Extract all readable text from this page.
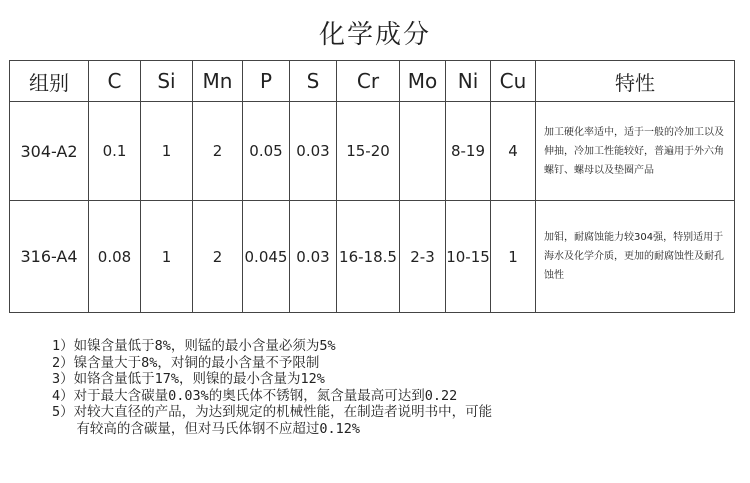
化学成分
组别	C	Si	Mn	P	S	Cr	Mo	Ni	Cu	特性
304-A2	0.1	1	2	0.05	0.03	15-20		8-19	4	加工硬化率适中，适于一般的冷加工以及伸抽，冷加工性能较好，普遍用于外六角螺钉、螺母以及垫圈产品
316-A4	0.08	1	2	0.045	0.03	16-18.5	2-3	10-15	1	加钼，耐腐蚀能力较304强，特别适用于海水及化学介质，更加的耐腐蚀性及耐孔蚀性
1）如镍含量低于8%，则锰的最小含量必须为5%
2）镍含量大于8%，对铜的最小含量不予限制
3）如铬含量低于17%，则镍的最小含量为12%
4）对于最大含碳量0.03%的奥氏体不锈钢，氮含量最高可达到0.22
5）对较大直径的产品，为达到规定的机械性能，在制造者说明书中，可能
有较高的含碳量，但对马氏体钢不应超过0.12%
